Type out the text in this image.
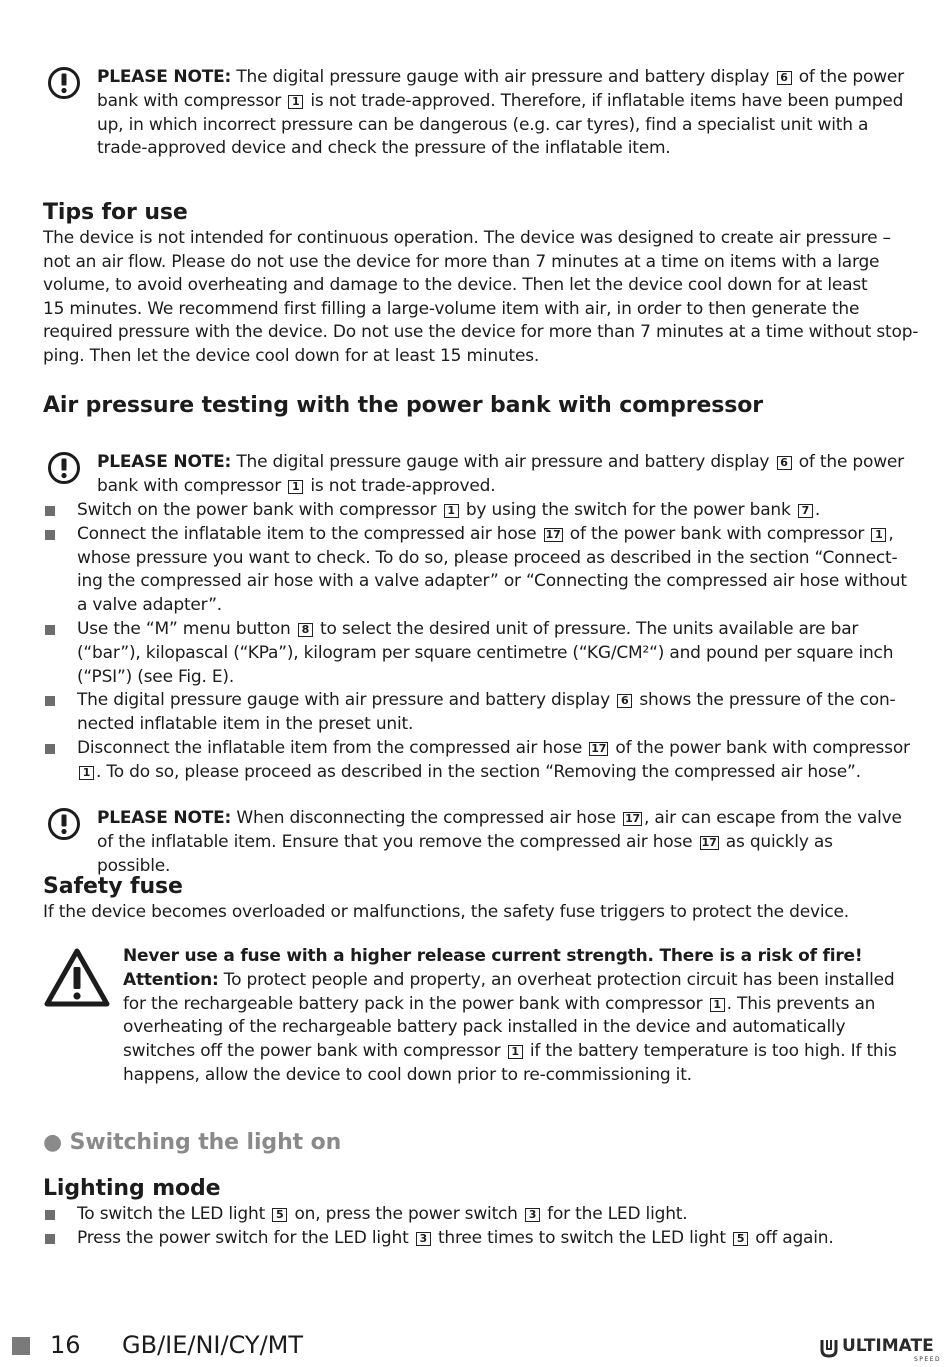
PLEASE NOTE: The digital pressure gauge with air pressure and battery display 6 of the power bank with compressor 1 is not trade-approved. Therefore, if inflatable items have been pumped up, in which incorrect pressure can be dangerous (e.g. car tyres), find a specialist unit with a trade-approved device and check the pressure of the inflatable item.
Tips for use

The device is not intended for continuous operation. The device was designed to create air pressure –

not an air flow. Please do not use the device for more than 7 minutes at a time on items with a large

volume, to avoid overheating and damage to the device. Then let the device cool down for at least

15 minutes. We recommend first filling a large-volume item with air, in order to then generate the

required pressure with the device. Do not use the device for more than 7 minutes at a time without stop-

ping. Then let the device cool down for at least 15 minutes.

Air pressure testing with the power bank with compressor
PLEASE NOTE: The digital pressure gauge with air pressure and battery display 6 of the power bank with compressor 1 is not trade-approved.
Switch on the power bank with compressor 1 by using the switch for the power bank 7 .
Connect the inflatable item to the compressed air hose 17 of the power bank with compressor 1 , whose pressure you want to check. To do so, please proceed as described in the section “Connect-ing the compressed air hose with a valve adapter” or “Connecting the compressed air hose without a valve adapter”.
Use the “M” menu button 8 to select the desired unit of pressure. The units available are bar (“bar”), kilopascal (“KPa”), kilogram per square centimetre (“KG/CM²“) and pound per square inch (“PSI”) (see Fig. E).
The digital pressure gauge with air pressure and battery display 6 shows the pressure of the con-nected inflatable item in the preset unit.
Disconnect the inflatable item from the compressed air hose 17 of the power bank with compressor 1 . To do so, please proceed as described in the section “Removing the compressed air hose”.
PLEASE NOTE: When disconnecting the compressed air hose 17 , air can escape from the valve of the inflatable item. Ensure that you remove the compressed air hose 17 as quickly as possible.
Safety fuse
If the device becomes overloaded or malfunctions, the safety fuse triggers to protect the device.
Never use a fuse with a higher release current strength. There is a risk of fire!
Attention: To protect people and property, an overheat protection circuit has been installed for the rechargeable battery pack in the power bank with compressor 1 . This prevents an overheating of the rechargeable battery pack installed in the device and automatically switches off the power bank with compressor 1 if the battery temperature is too high. If this happens, allow the device to cool down prior to re-commissioning it.
● Switching the light on
Lighting mode
To switch the LED light 5 on, press the power switch 3 for the LED light.
Press the power switch for the LED light 3 three times to switch the LED light 5 off again.
16 GB/IE/NI/CY/MT	ULTIMATE
SPEED
